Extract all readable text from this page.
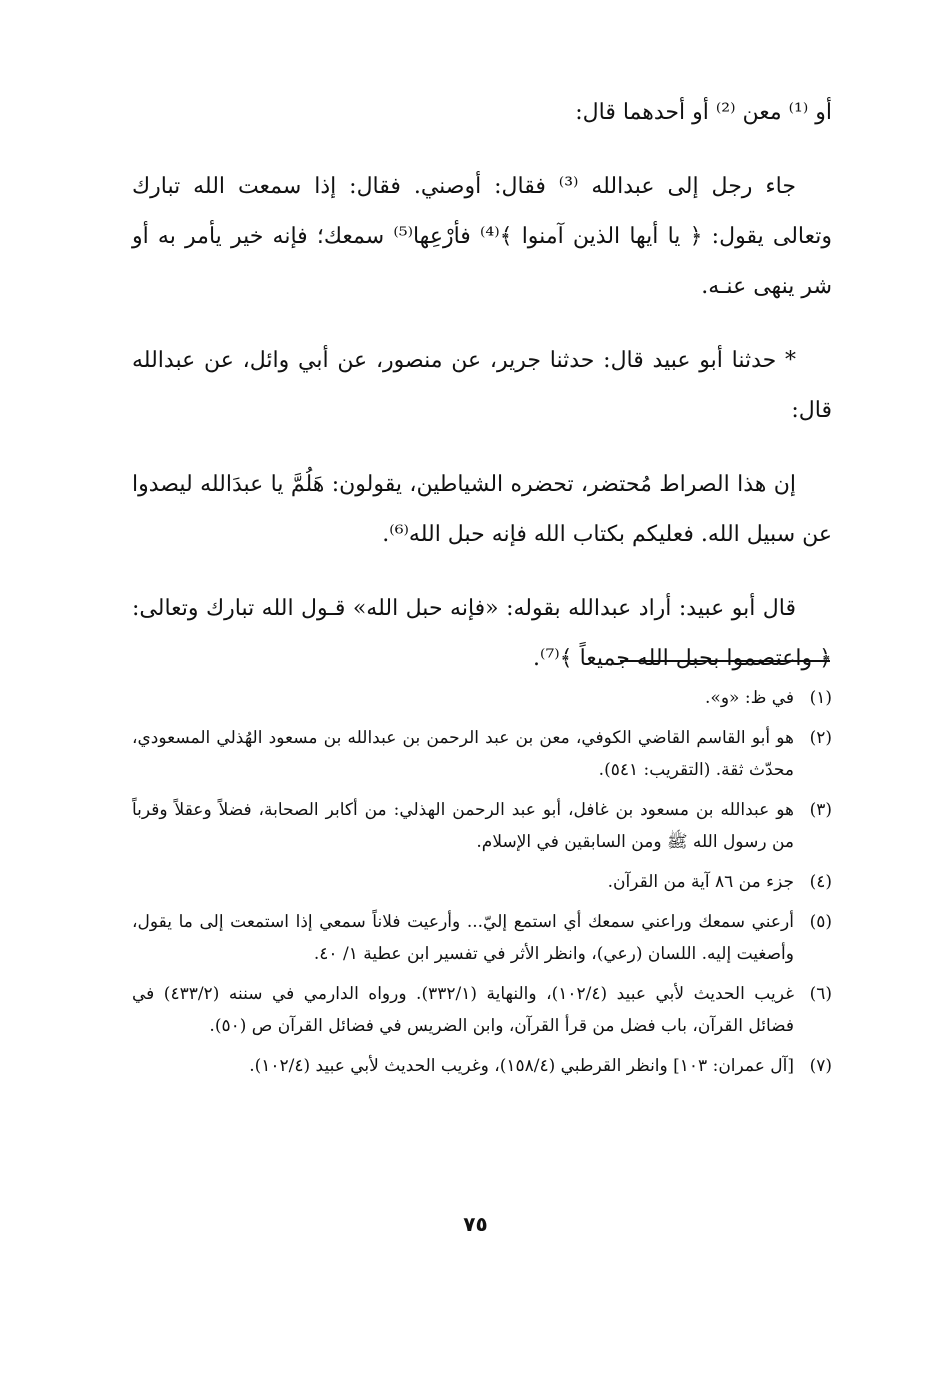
أو ⁽¹⁾ معن ⁽²⁾ أو أحدهما قال:

جاء رجل إلى عبدالله ⁽³⁾ فقال: أوصني. فقال: إذا سمعت الله تبارك وتعالى يقول: ﴿ يا أيها الذين آمنوا ﴾⁽⁴⁾ فأرْعِها⁽⁵⁾ سمعك؛ فإنه خير يأمر به أو شر ينهى عنـه.

* حدثنا أبو عبيد قال: حدثنا جرير، عن منصور، عن أبي وائل، عن عبدالله قال:

إن هذا الصراط مُحتضر، تحضره الشياطين، يقولون: هَلُمَّ يا عبدَالله ليصدوا عن سبيل الله. فعليكم بكتاب الله فإنه حبل الله⁽⁶⁾.

قال أبو عبيد: أراد عبدالله بقوله: «فإنه حبل الله» قـول الله تبارك وتعالى: ﴿ واعتصموا بحبل الله جميعاً ﴾⁽⁷⁾.

(١)
في ظ: «و».
(٢)
هو أبو القاسم القاضي الكوفي، معن بن عبد الرحمن بن عبدالله بن مسعود الهُذلي المسعودي، محدّث ثقة. (التقريب: ٥٤١).
(٣)
هو عبدالله بن مسعود بن غافل، أبو عبد الرحمن الهذلي: من أكابر الصحابة، فضلاً وعقلاً وقرباً من رسول الله ﷺ ومن السابقين في الإسلام.
(٤)
جزء من ٨٦ آية من القرآن.
(٥)
أرعني سمعك وراعني سمعك أي استمع إليّ... وأرعيت فلاناً سمعي إذا استمعت إلى ما يقول، وأصغيت إليه. اللسان (رعي)، وانظر الأثر في تفسير ابن عطية ١/ ٤٠.
(٦)
غريب الحديث لأبي عبيد (١٠٢/٤)، والنهاية (٣٣٢/١). ورواه الدارمي في سننه (٤٣٣/٢) في فضائل القرآن، باب فضل من قرأ القرآن، وابن الضريس في فضائل القرآن ص (٥٠).
(٧)
[آل عمران: ١٠٣] وانظر القرطبي (١٥٨/٤)، وغريب الحديث لأبي عبيد (١٠٢/٤).
٧٥
